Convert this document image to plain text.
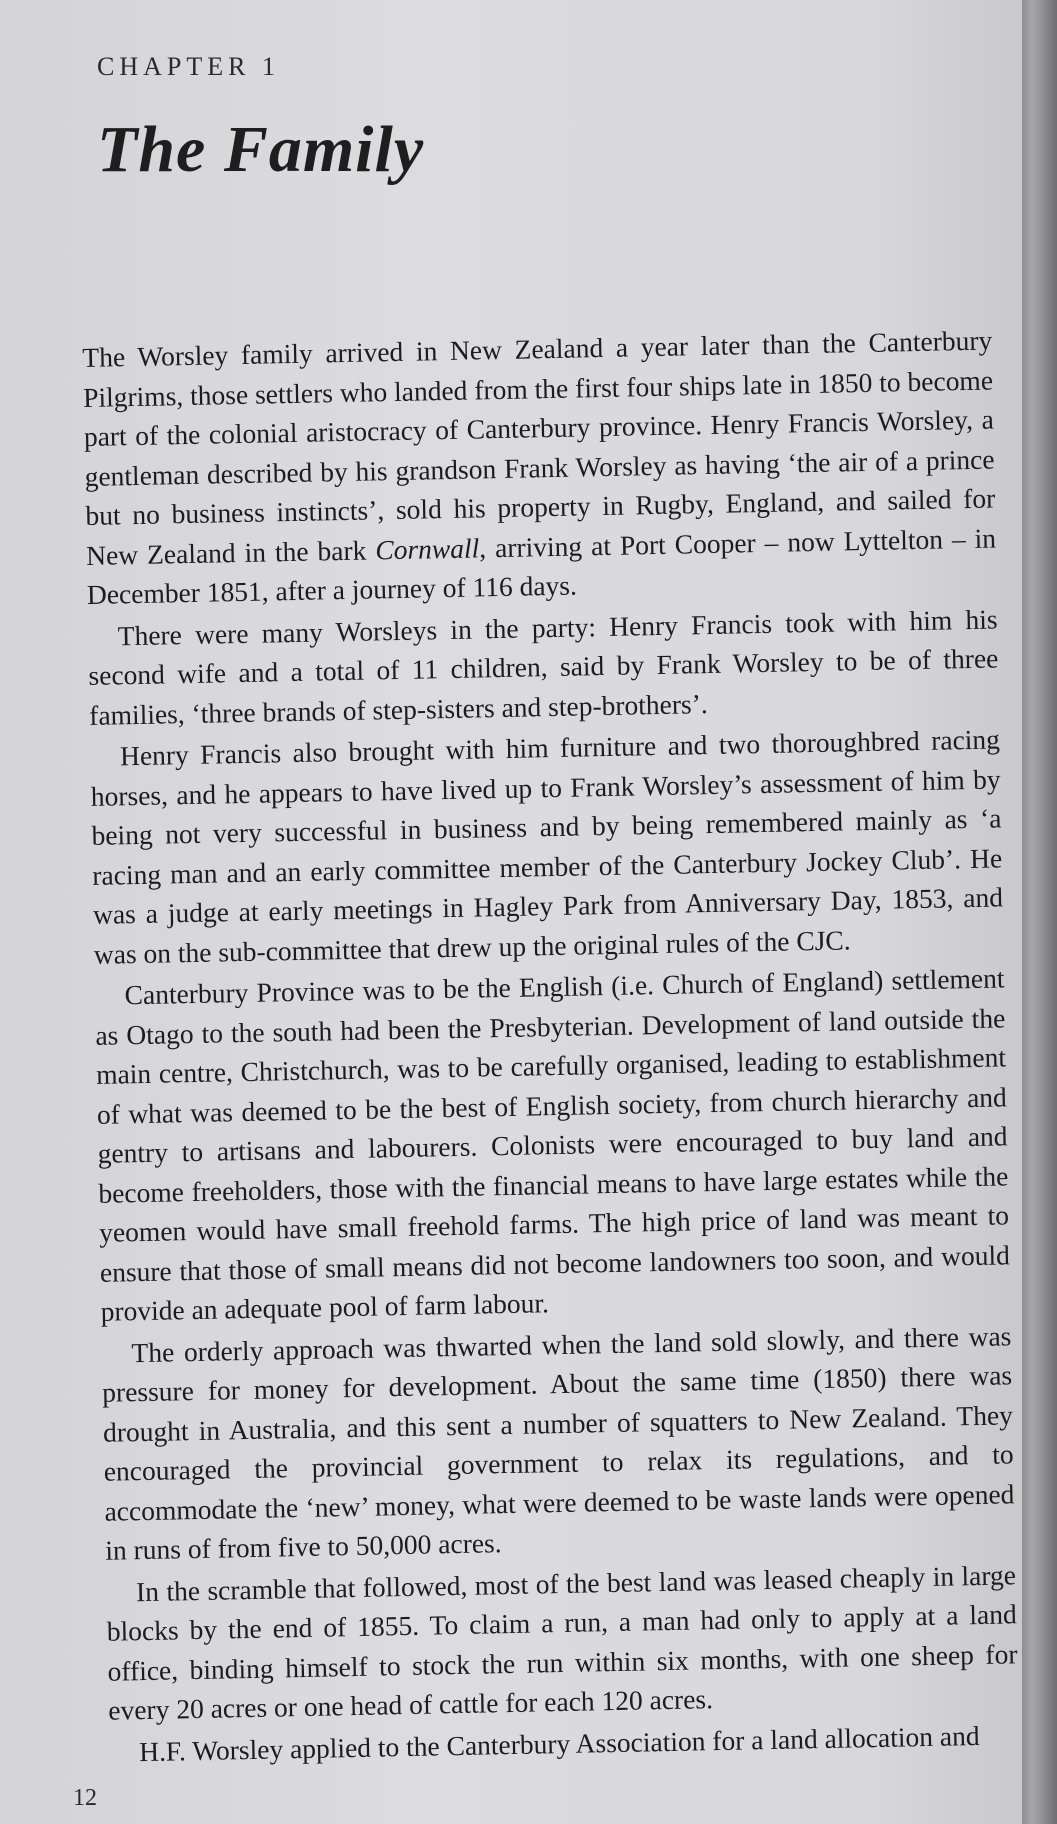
CHAPTER 1
The Family

The Worsley family arrived in New Zealand a year later than the Canterbury Pilgrims, those settlers who landed from the first four ships late in 1850 to become part of the colonial aristocracy of Canterbury province. Henry Francis Worsley, a gentleman described by his grandson Frank Worsley as having ‘the air of a prince but no business instincts’, sold his property in Rugby, England, and sailed for New Zealand in the bark Cornwall, arriving at Port Cooper – now Lyttelton – in December 1851, after a journey of 116 days.

There were many Worsleys in the party: Henry Francis took with him his second wife and a total of 11 children, said by Frank Worsley to be of three families, ‘three brands of step-sisters and step-brothers’.

Henry Francis also brought with him furniture and two thoroughbred racing horses, and he appears to have lived up to Frank Worsley’s assessment of him by being not very successful in business and by being remembered mainly as ‘a racing man and an early committee member of the Canterbury Jockey Club’. He was a judge at early meetings in Hagley Park from Anniversary Day, 1853, and was on the sub-committee that drew up the original rules of the CJC.

Canterbury Province was to be the English (i.e. Church of England) settlement as Otago to the south had been the Presbyterian. Development of land outside the main centre, Christchurch, was to be carefully organised, leading to establishment of what was deemed to be the best of English society, from church hierarchy and gentry to artisans and labourers. Colonists were encouraged to buy land and become freeholders, those with the financial means to have large estates while the yeomen would have small freehold farms. The high price of land was meant to ensure that those of small means did not become landowners too soon, and would provide an adequate pool of farm labour.

The orderly approach was thwarted when the land sold slowly, and there was pressure for money for development. About the same time (1850) there was drought in Australia, and this sent a number of squatters to New Zealand. They encouraged the provincial government to relax its regulations, and to accommodate the ‘new’ money, what were deemed to be waste lands were opened in runs of from five to 50,000 acres.

In the scramble that followed, most of the best land was leased cheaply in large blocks by the end of 1855. To claim a run, a man had only to apply at a land office, binding himself to stock the run within six months, with one sheep for every 20 acres or one head of cattle for each 120 acres.

H.F. Worsley applied to the Canterbury Association for a land allocation and

12
